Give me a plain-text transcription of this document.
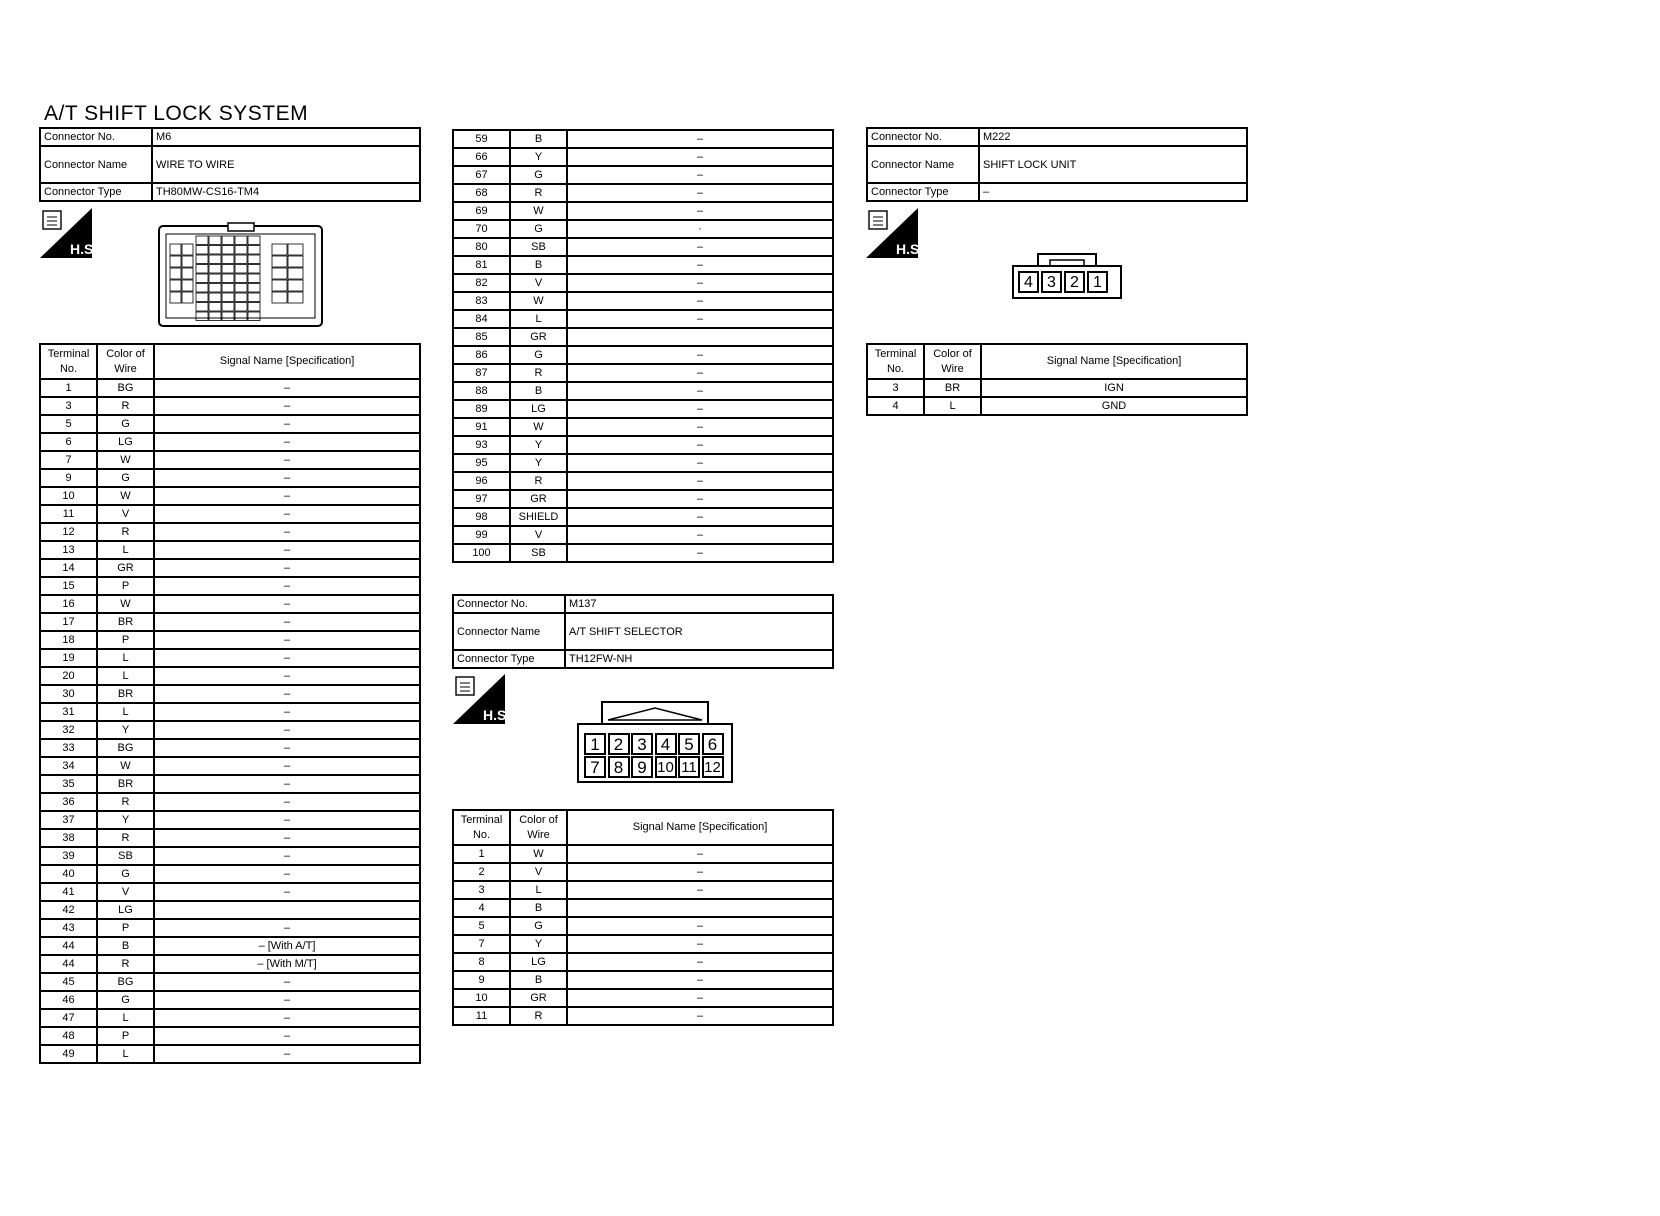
A/T SHIFT LOCK SYSTEM
Connector No.	M6
Connector Name	WIRE TO WIRE
Connector Type	TH80MW-CS16-TM4
H.S.
Terminal No.	Color of Wire	Signal Name [Specification]
1	BG	–
3	R	–
5	G	–
6	LG	–
7	W	–
9	G	–
10	W	–
11	V	–
12	R	–
13	L	–
14	GR	–
15	P	–
16	W	–
17	BR	–
18	P	–
19	L	–
20	L	–
30	BR	–
31	L	–
32	Y	–
33	BG	–
34	W	–
35	BR	–
36	R	–
37	Y	–
38	R	–
39	SB	–
40	G	–
41	V	–
42	LG	
43	P	–
44	B	– [With A/T]
44	R	– [With M/T]
45	BG	–
46	G	–
47	L	–
48	P	–
49	L	–
59	B	–
66	Y	–
67	G	–
68	R	–
69	W	–
70	G	·
80	SB	–
81	B	–
82	V	–
83	W	–
84	L	–
85	GR	
86	G	–
87	R	–
88	B	–
89	LG	–
91	W	–
93	Y	–
95	Y	–
96	R	–
97	GR	–
98	SHIELD	–
99	V	–
100	SB	–
Connector No.	M137
Connector Name	A/T SHIFT SELECTOR
Connector Type	TH12FW-NH
H.S.
1 2 3 4 5 6
7 8 9 10 11 12
Terminal No.	Color of Wire	Signal Name [Specification]
1	W	–
2	V	–
3	L	–
4	B	
5	G	–
7	Y	–
8	LG	–
9	B	–
10	GR	–
11	R	–
Connector No.	M222
Connector Name	SHIFT LOCK UNIT
Connector Type	–
H.S.
4 3 2 1
Terminal No.	Color of Wire	Signal Name [Specification]
3	BR	IGN
4	L	GND
